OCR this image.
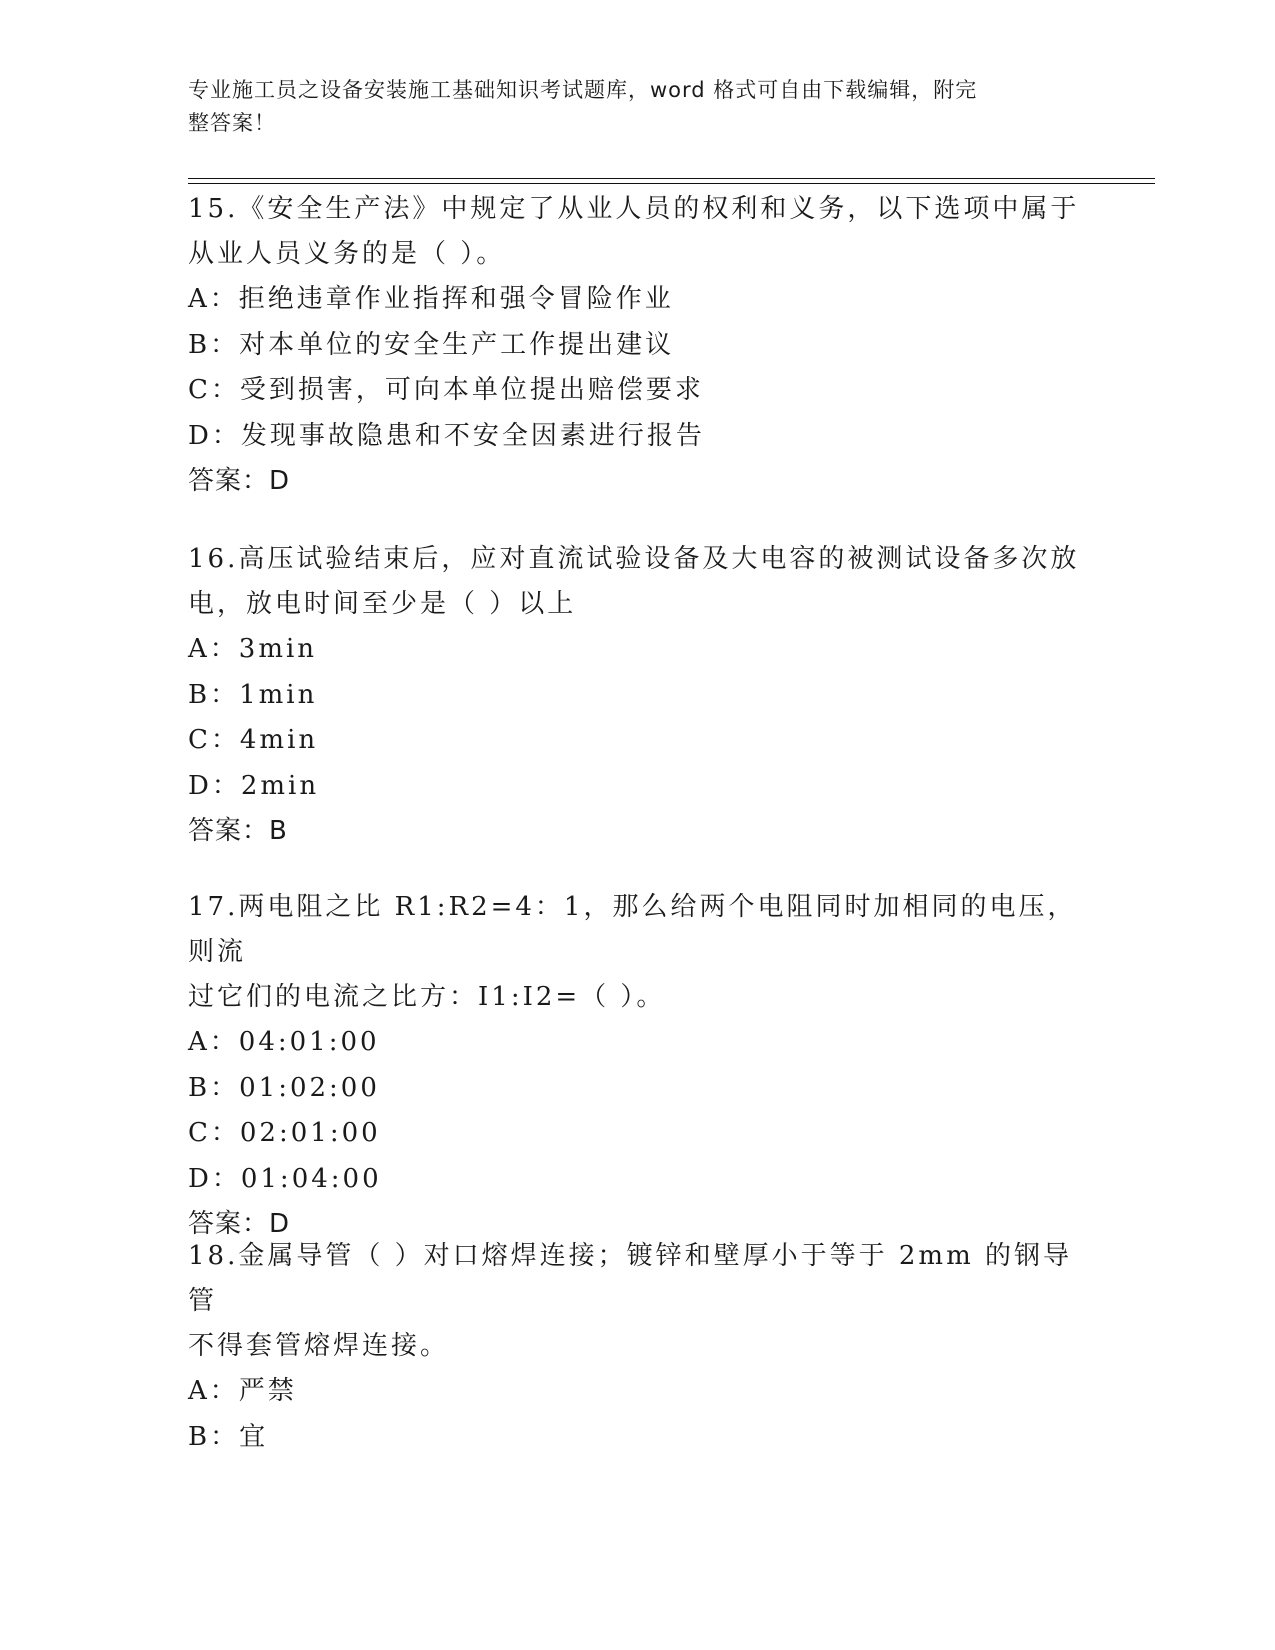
专业施工员之设备安装施工基础知识考试题库，word 格式可自由下载编辑，附完
整答案！

15.《安全生产法》中规定了从业人员的权利和义务，以下选项中属于

从业人员义务的是（ ）。

A：拒绝违章作业指挥和强令冒险作业

B：对本单位的安全生产工作提出建议

C：受到损害，可向本单位提出赔偿要求

D：发现事故隐患和不安全因素进行报告

答案：D

16.高压试验结束后，应对直流试验设备及大电容的被测试设备多次放

电，放电时间至少是（ ）以上

A：3min

B：1min

C：4min

D：2min

答案：B

17.两电阻之比 R1:R2=4：1，那么给两个电阻同时加相同的电压，则流

过它们的电流之比方：I1:I2=（ ）。

A：04:01:00

B：01:02:00

C：02:01:00

D：01:04:00

答案：D

18.金属导管（ ）对口熔焊连接；镀锌和壁厚小于等于 2mm 的钢导管

不得套管熔焊连接。

A：严禁

B：宜
